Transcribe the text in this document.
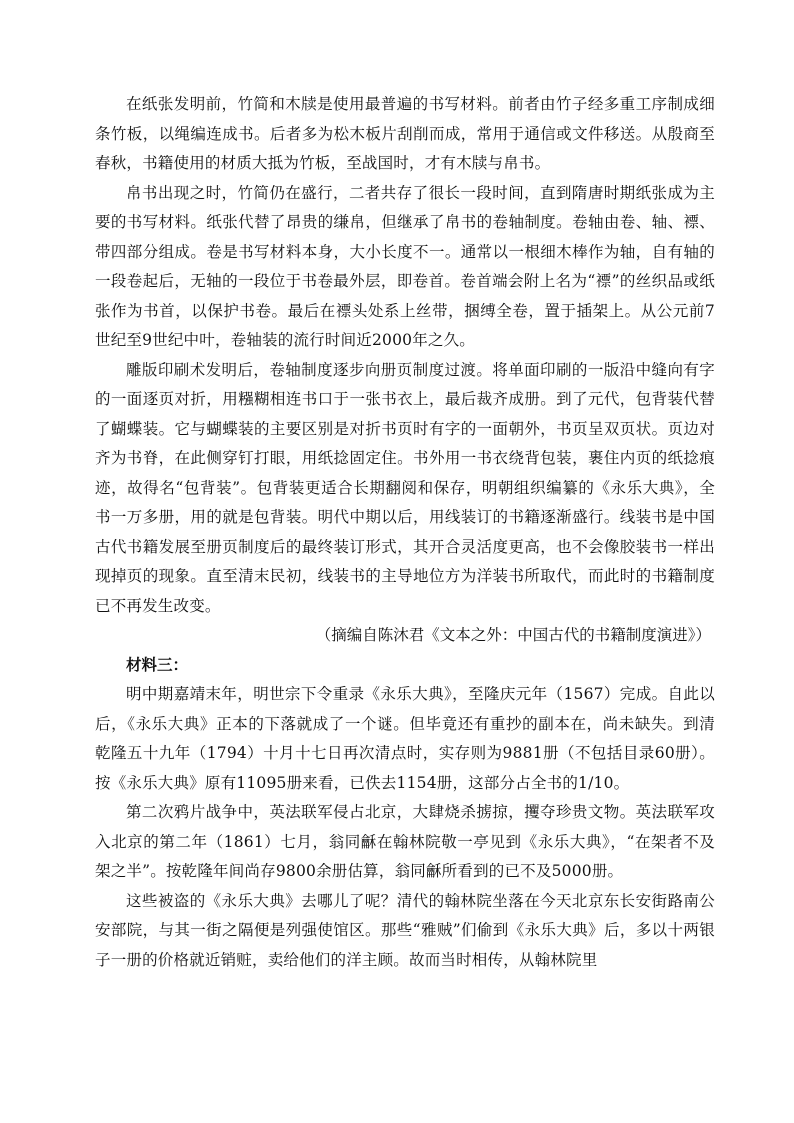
在纸张发明前，竹简和木牍是使用最普遍的书写材料。前者由竹子经多重工序制成细条竹板，以绳编连成书。后者多为松木板片刮削而成，常用于通信或文件移送。从殷商至春秋，书籍使用的材质大抵为竹板，至战国时，才有木牍与帛书。

帛书出现之时，竹简仍在盛行，二者共存了很长一段时间，直到隋唐时期纸张成为主要的书写材料。纸张代替了昂贵的缣帛，但继承了帛书的卷轴制度。卷轴由卷、轴、褾、带四部分组成。卷是书写材料本身，大小长度不一。通常以一根细木棒作为轴，自有轴的一段卷起后，无轴的一段位于书卷最外层，即卷首。卷首端会附上名为“褾”的丝织品或纸张作为书首，以保护书卷。最后在褾头处系上丝带，捆缚全卷，置于插架上。从公元前7世纪至9世纪中叶，卷轴装的流行时间近2000年之久。

雕版印刷术发明后，卷轴制度逐步向册页制度过渡。将单面印刷的一版沿中缝向有字的一面逐页对折，用糨糊相连书口于一张书衣上，最后裁齐成册。到了元代，包背装代替了蝴蝶装。它与蝴蝶装的主要区别是对折书页时有字的一面朝外，书页呈双页状。页边对齐为书脊，在此侧穿钉打眼，用纸捻固定住。书外用一书衣绕背包装，裹住内页的纸捻痕迹，故得名“包背装”。包背装更适合长期翻阅和保存，明朝组织编纂的《永乐大典》，全书一万多册，用的就是包背装。明代中期以后，用线装订的书籍逐渐盛行。线装书是中国古代书籍发展至册页制度后的最终装订形式，其开合灵活度更高，也不会像胶装书一样出现掉页的现象。直至清末民初，线装书的主导地位方为洋装书所取代，而此时的书籍制度已不再发生改变。

（摘编自陈沐君《文本之外：中国古代的书籍制度演进》）

材料三：

明中期嘉靖末年，明世宗下令重录《永乐大典》，至隆庆元年（1567）完成。自此以后，《永乐大典》正本的下落就成了一个谜。但毕竟还有重抄的副本在，尚未缺失。到清乾隆五十九年（1794）十月十七日再次清点时，实存则为9881册（不包括目录60册）。按《永乐大典》原有11095册来看，已佚去1154册，这部分占全书的1/10。

第二次鸦片战争中，英法联军侵占北京，大肆烧杀掳掠，攫夺珍贵文物。英法联军攻入北京的第二年（1861）七月，翁同龢在翰林院敬一亭见到《永乐大典》，“在架者不及架之半”。按乾隆年间尚存9800余册估算，翁同龢所看到的已不及5000册。

这些被盗的《永乐大典》去哪儿了呢？清代的翰林院坐落在今天北京东长安街路南公安部院，与其一街之隔便是列强使馆区。那些“雅贼”们偷到《永乐大典》后，多以十两银子一册的价格就近销赃，卖给他们的洋主顾。故而当时相传，从翰林院里
